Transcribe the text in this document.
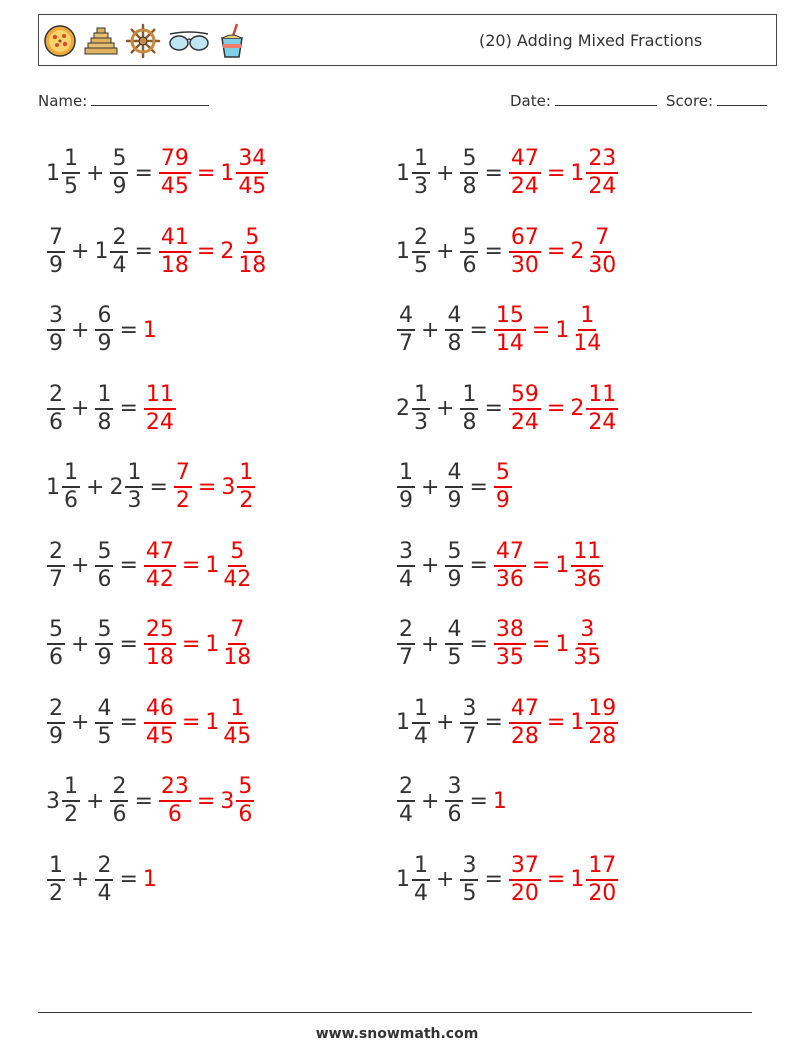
(20) Adding Mixed Fractions
Name:	Date:	Score:
$1 \frac{1}{5} + \frac{5}{9} = \frac{79}{45} = 1 \frac{34}{45}$	$1 \frac{1}{3} + \frac{5}{8} = \frac{47}{24} = 1 \frac{23}{24}$
$\frac{7}{9} + 1 \frac{2}{4} = \frac{41}{18} = 2 \frac{5}{18}$	$1 \frac{2}{5} + \frac{5}{6} = \frac{67}{30} = 2 \frac{7}{30}$
$\frac{3}{9} + \frac{6}{9} = 1$	$\frac{4}{7} + \frac{4}{8} = \frac{15}{14} = 1 \frac{1}{14}$
$\frac{2}{6} + \frac{1}{8} = \frac{11}{24}$	$2 \frac{1}{3} + \frac{1}{8} = \frac{59}{24} = 2 \frac{11}{24}$
$1 \frac{1}{6} + 2 \frac{1}{3} = \frac{7}{2} = 3 \frac{1}{2}$	$\frac{1}{9} + \frac{4}{9} = \frac{5}{9}$
$\frac{2}{7} + \frac{5}{6} = \frac{47}{42} = 1 \frac{5}{42}$	$\frac{3}{4} + \frac{5}{9} = \frac{47}{36} = 1 \frac{11}{36}$
$\frac{5}{6} + \frac{5}{9} = \frac{25}{18} = 1 \frac{7}{18}$	$\frac{2}{7} + \frac{4}{5} = \frac{38}{35} = 1 \frac{3}{35}$
$\frac{2}{9} + \frac{4}{5} = \frac{46}{45} = 1 \frac{1}{45}$	$1 \frac{1}{4} + \frac{3}{7} = \frac{47}{28} = 1 \frac{19}{28}$
$3 \frac{1}{2} + \frac{2}{6} = \frac{23}{6} = 3 \frac{5}{6}$	$\frac{2}{4} + \frac{3}{6} = 1$
$\frac{1}{2} + \frac{2}{4} = 1$	$1 \frac{1}{4} + \frac{3}{5} = \frac{37}{20} = 1 \frac{17}{20}$
www.snowmath.com
